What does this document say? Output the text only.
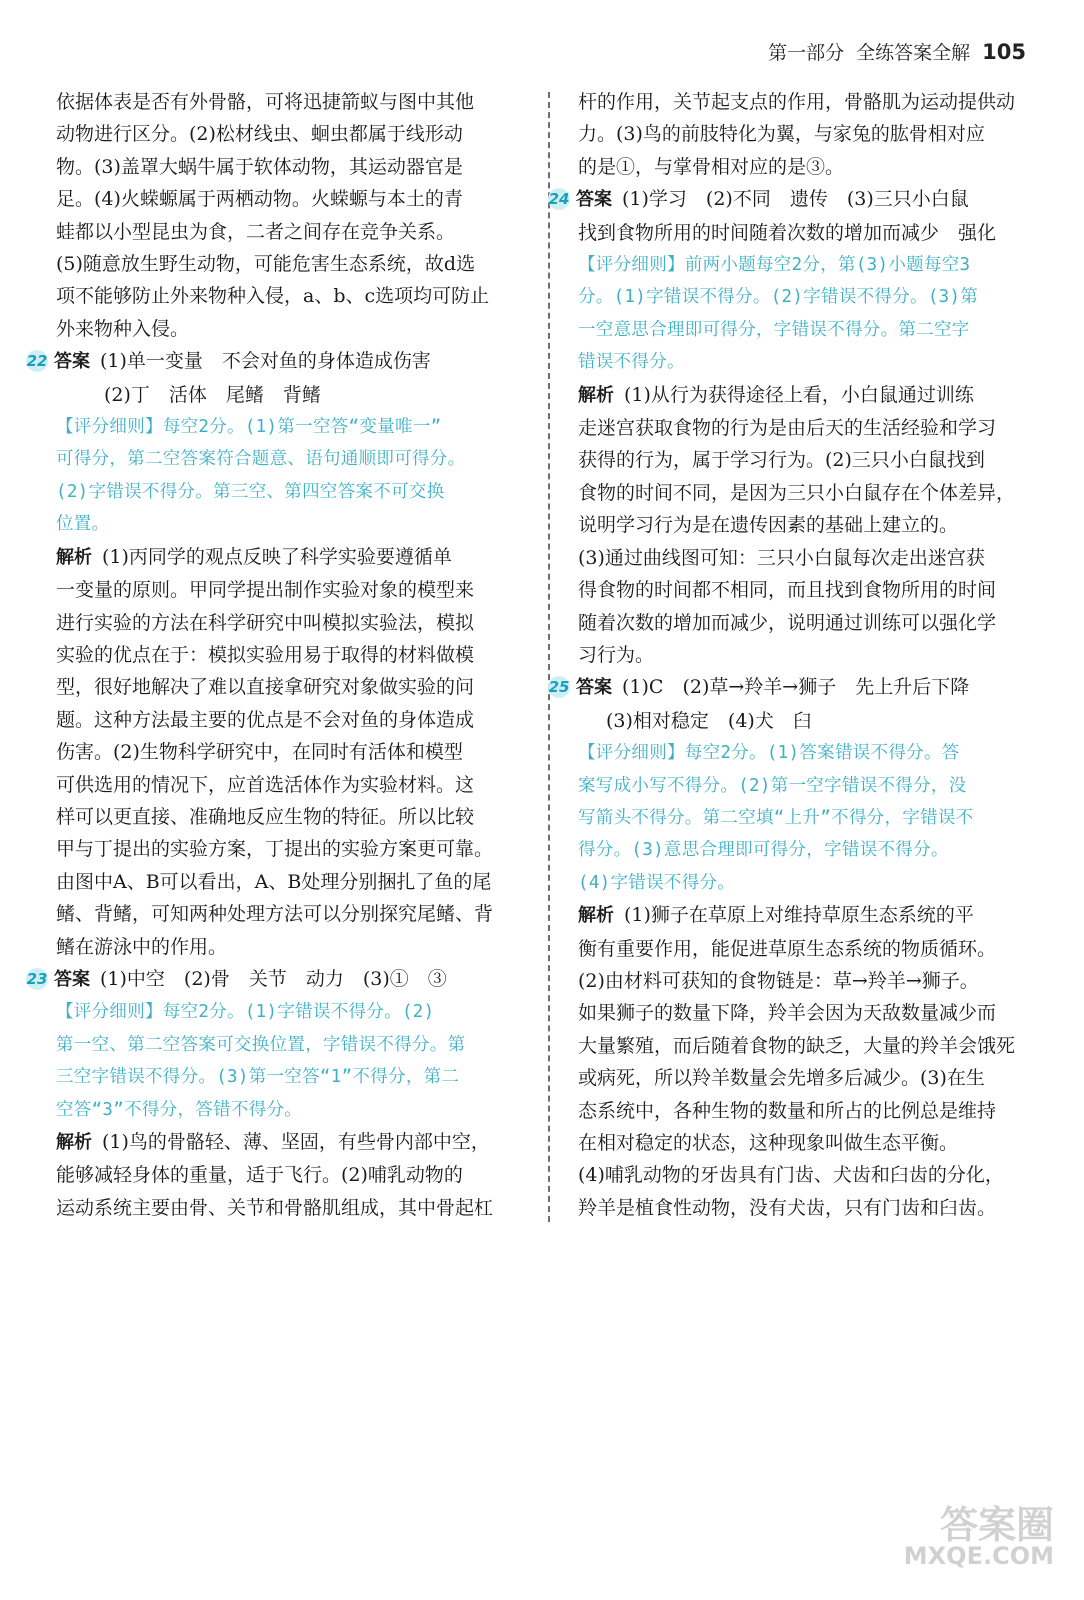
第一部分 全练答案全解 105

依据体表是否有外骨骼，可将迅捷箭蚁与图中其他

动物进行区分。(2)松材线虫、蛔虫都属于线形动

物。(3)盖罩大蜗牛属于软体动物，其运动器官是

足。(4)火蝾螈属于两栖动物。火蝾螈与本土的青

蛙都以小型昆虫为食，二者之间存在竞争关系。

(5)随意放生野生动物，可能危害生态系统，故d选

项不能够防止外来物种入侵，a、b、c选项均可防止

外来物种入侵。

22 答案 (1)单一变量　不会对鱼的身体造成伤害

(2)丁　活体　尾鳍　背鳍

【评分细则】每空2分。(1)第一空答“变量唯一”

可得分，第二空答案符合题意、语句通顺即可得分。

(2)字错误不得分。第三空、第四空答案不可交换

位置。

解析 (1)丙同学的观点反映了科学实验要遵循单

一变量的原则。甲同学提出制作实验对象的模型来

进行实验的方法在科学研究中叫模拟实验法，模拟

实验的优点在于：模拟实验用易于取得的材料做模

型，很好地解决了难以直接拿研究对象做实验的问

题。这种方法最主要的优点是不会对鱼的身体造成

伤害。(2)生物科学研究中，在同时有活体和模型

可供选用的情况下，应首选活体作为实验材料。这

样可以更直接、准确地反应生物的特征。所以比较

甲与丁提出的实验方案，丁提出的实验方案更可靠。

由图中A、B可以看出，A、B处理分别捆扎了鱼的尾

鳍、背鳍，可知两种处理方法可以分别探究尾鳍、背

鳍在游泳中的作用。

23 答案 (1)中空　(2)骨　关节　动力　(3)①　③

【评分细则】每空2分。(1)字错误不得分。(2)

第一空、第二空答案可交换位置，字错误不得分。第

三空字错误不得分。(3)第一空答“1”不得分，第二

空答“3”不得分，答错不得分。

解析 (1)鸟的骨骼轻、薄、坚固，有些骨内部中空，

能够减轻身体的重量，适于飞行。(2)哺乳动物的

运动系统主要由骨、关节和骨骼肌组成，其中骨起杠

杆的作用，关节起支点的作用，骨骼肌为运动提供动

力。(3)鸟的前肢特化为翼，与家兔的肱骨相对应

的是①，与掌骨相对应的是③。

24 答案 (1)学习　(2)不同　遗传　(3)三只小白鼠

找到食物所用的时间随着次数的增加而减少　强化

【评分细则】前两小题每空2分，第(3)小题每空3

分。(1)字错误不得分。(2)字错误不得分。(3)第

一空意思合理即可得分，字错误不得分。第二空字

错误不得分。

解析 (1)从行为获得途径上看，小白鼠通过训练

走迷宫获取食物的行为是由后天的生活经验和学习

获得的行为，属于学习行为。(2)三只小白鼠找到

食物的时间不同，是因为三只小白鼠存在个体差异，

说明学习行为是在遗传因素的基础上建立的。

(3)通过曲线图可知：三只小白鼠每次走出迷宫获

得食物的时间都不相同，而且找到食物所用的时间

随着次数的增加而减少，说明通过训练可以强化学

习行为。

25 答案 (1)C　(2)草→羚羊→狮子　先上升后下降

(3)相对稳定　(4)犬　臼

【评分细则】每空2分。(1)答案错误不得分。答

案写成小写不得分。(2)第一空字错误不得分，没

写箭头不得分。第二空填“上升”不得分，字错误不

得分。(3)意思合理即可得分，字错误不得分。

(4)字错误不得分。

解析 (1)狮子在草原上对维持草原生态系统的平

衡有重要作用，能促进草原生态系统的物质循环。

(2)由材料可获知的食物链是：草→羚羊→狮子。

如果狮子的数量下降，羚羊会因为天敌数量减少而

大量繁殖，而后随着食物的缺乏，大量的羚羊会饿死

或病死，所以羚羊数量会先增多后减少。(3)在生

态系统中，各种生物的数量和所占的比例总是维持

在相对稳定的状态，这种现象叫做生态平衡。

(4)哺乳动物的牙齿具有门齿、犬齿和臼齿的分化，

羚羊是植食性动物，没有犬齿，只有门齿和臼齿。

答案圈
MXQE.COM
